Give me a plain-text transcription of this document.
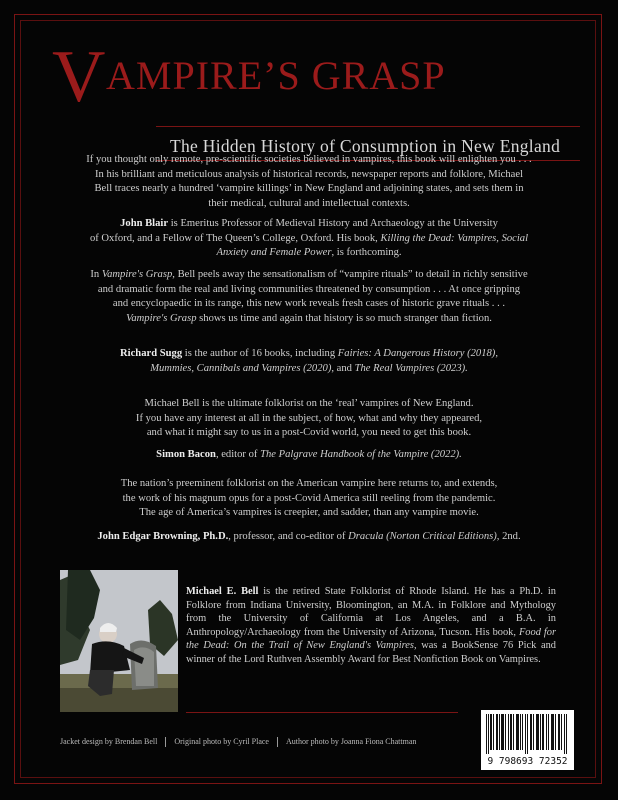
V AMPIRE’S GRASP
The Hidden History of Consumption in New England
If you thought only remote, pre-scientific societies believed in vampires, this book will enlighten you . . .
In his brilliant and meticulous analysis of historical records, newspaper reports and folklore, Michael
Bell traces nearly a hundred ‘vampire killings’ in New England and adjoining states, and sets them in
their medical, cultural and intellectual contexts.
John Blair is Emeritus Professor of Medieval History and Archaeology at the University
of Oxford, and a Fellow of The Queen’s College, Oxford. His book, Killing the Dead: Vampires, Social
Anxiety and Female Power, is forthcoming.
In Vampire's Grasp, Bell peels away the sensationalism of “vampire rituals” to detail in richly sensitive
and dramatic form the real and living communities threatened by consumption . . . At once gripping
and encyclopaedic in its range, this new work reveals fresh cases of historic grave rituals . . .
Vampire's Grasp shows us time and again that history is so much stranger than fiction.
Richard Sugg is the author of 16 books, including Fairies: A Dangerous History (2018),
Mummies, Cannibals and Vampires (2020), and The Real Vampires (2023).
Michael Bell is the ultimate folklorist on the ‘real’ vampires of New England.
If you have any interest at all in the subject, of how, what and why they appeared,
and what it might say to us in a post-Covid world, you need to get this book.
Simon Bacon, editor of The Palgrave Handbook of the Vampire (2022).
The nation’s preeminent folklorist on the American vampire here returns to, and extends,
the work of his magnum opus for a post-Covid America still reeling from the pandemic.
The age of America’s vampires is creepier, and sadder, than any vampire movie.
John Edgar Browning, Ph.D., professor, and co-editor of Dracula (Norton Critical Editions), 2nd.
Michael E. Bell is the retired State Folklorist of Rhode Island. He has a Ph.D. in Folklore from Indiana University, Bloomington, an M.A. in Folklore and Mythology from the University of California at Los Angeles, and a B.A. in Anthropology/Archaeology from the University of Arizona, Tucson. His book, Food for the Dead: On the Trail of New England's Vampires, was a BookSense 76 Pick and winner of the Lord Ruthven Assembly Award for Best Nonfiction Book on Vampires.
Jacket design by Brendan Bell Original photo by Cyril Place Author photo by Joanna Fiona Chattman
9 798693 72352
